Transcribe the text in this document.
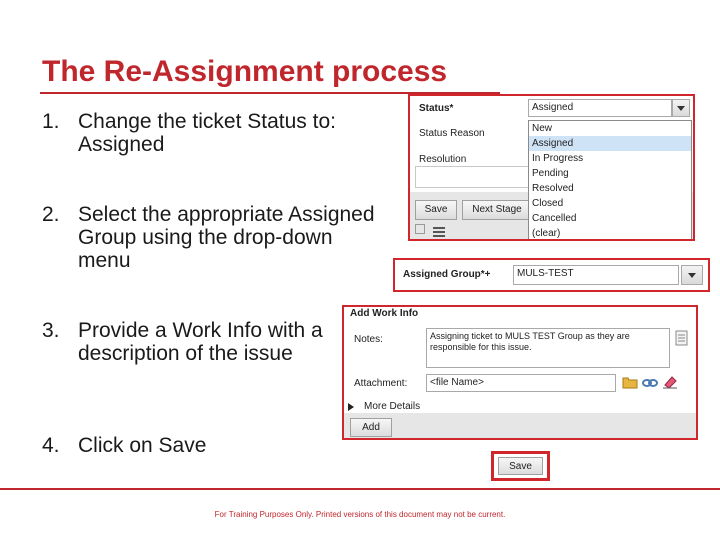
The Re-Assignment process
1. Change the ticket Status to: Assigned
2. Select the appropriate Assigned Group using the drop-down menu
3. Provide a Work Info with a description of the issue
4. Click on Save
Status*	Assigned
Status Reason
Resolution
Save	Next Stage
New
Assigned
In Progress
Pending
Resolved
Closed
Cancelled
(clear)
Assigned Group*+	MULS-TEST
Add Work Info
Notes:	Assigning ticket to MULS TEST Group as they are responsible for this issue.
Attachment:	<file Name>
More Details
Add
Save
For Training Purposes Only. Printed versions of this document may not be current.
